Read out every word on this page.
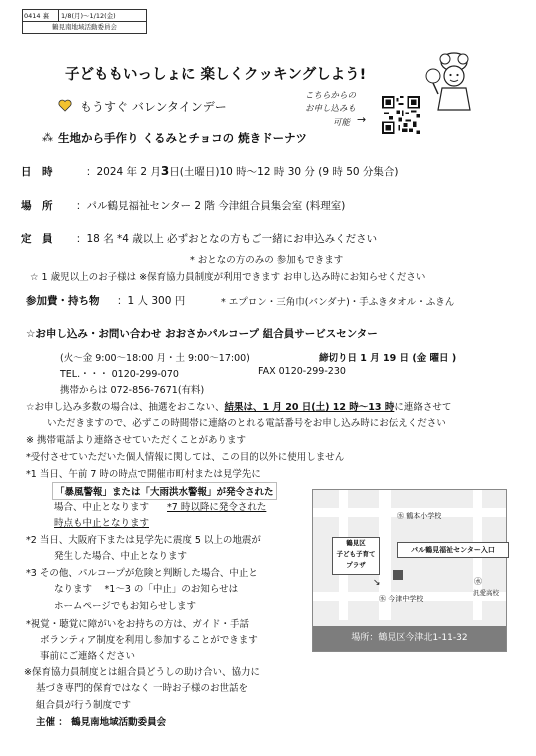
0414 裏 1/8(月)～1/12(金)
鶴見南地域活動委員会
子どももいっしょに 楽しくクッキングしよう!
もうすぐ バレンタインデー
こちらからの
お申し込みも
可能 →
⁂ 生地から手作り くるみとチョコの 焼きドーナツ
日　時	：2024 年 2 月3日(土曜日)10 時～12 時 30 分 (9 時 50 分集合)
場　所 ：パル鶴見福祉センター 2 階 今津組合員集会室 (料理室)
定　員 ：18 名 *4 歳以上 必ずおとなの方もご一緒にお申込みください
* おとなの方のみの 参加もできます
☆ 1 歳児以上のお子様は ※保育協力員制度が利用できます お申し込み時にお知らせください
参加費・持ち物 ：1 人 300 円	* エプロン・三角巾(バンダナ)・手ふきタオル・ふきん
☆お申し込み・お問い合わせ おおさかパルコープ 組合員サービスセンター
(火～金 9:00～18:00 月・土 9:00～17:00)	締切り日 1 月 19 日 (金 曜日 )
TEL.・・・ 0120-299-070	FAX 0120-299-230
携帯からは 072-856-7671(有料)
☆お申し込み多数の場合は、抽選をおこない、結果は、1 月 20 日(土) 12 時～13 時に連絡させて
いただきますので、必ずこの時間帯に連絡のとれる電話番号をお申し込み時にお伝えください
※ 携帯電話より連絡させていただくことがあります
*受付させていただいた個人情報に関しては、この目的以外に使用しません
*1 当日、午前 7 時の時点で開催市町村または見学先に
「暴風警報」または「大雨洪水警報」が発令された
場合、中止となります *7 時以降に発令された
時点も中止となります
*2 当日、大阪府下または見学先に震度 5 以上の地震が
発生した場合、中止となります
*3 その他、パルコープが危険と判断した場合、中止と
なります　 *1～3 の「中止」のお知らせは
ホームページでもお知らせします
*視覚・聴覚に障がいをお持ちの方は、ガイド・手話
ボランティア制度を利用し参加することができます
事前にご連絡ください
※保育協力員制度とは組合員どうしの助け合い、協力に
基づき専門的保育ではなく 一時お子様のお世話を
組合員が行う制度です
主催 ： 鶴見南地域活動委員会
㊌ 鶴本小学校
鶴見区
子ども子育て
プラザ
パル鶴見福祉センター入口
↘
㊌ 今津中学校
㊌
汎愛高校
場所：鶴見区今津北1-11-32
